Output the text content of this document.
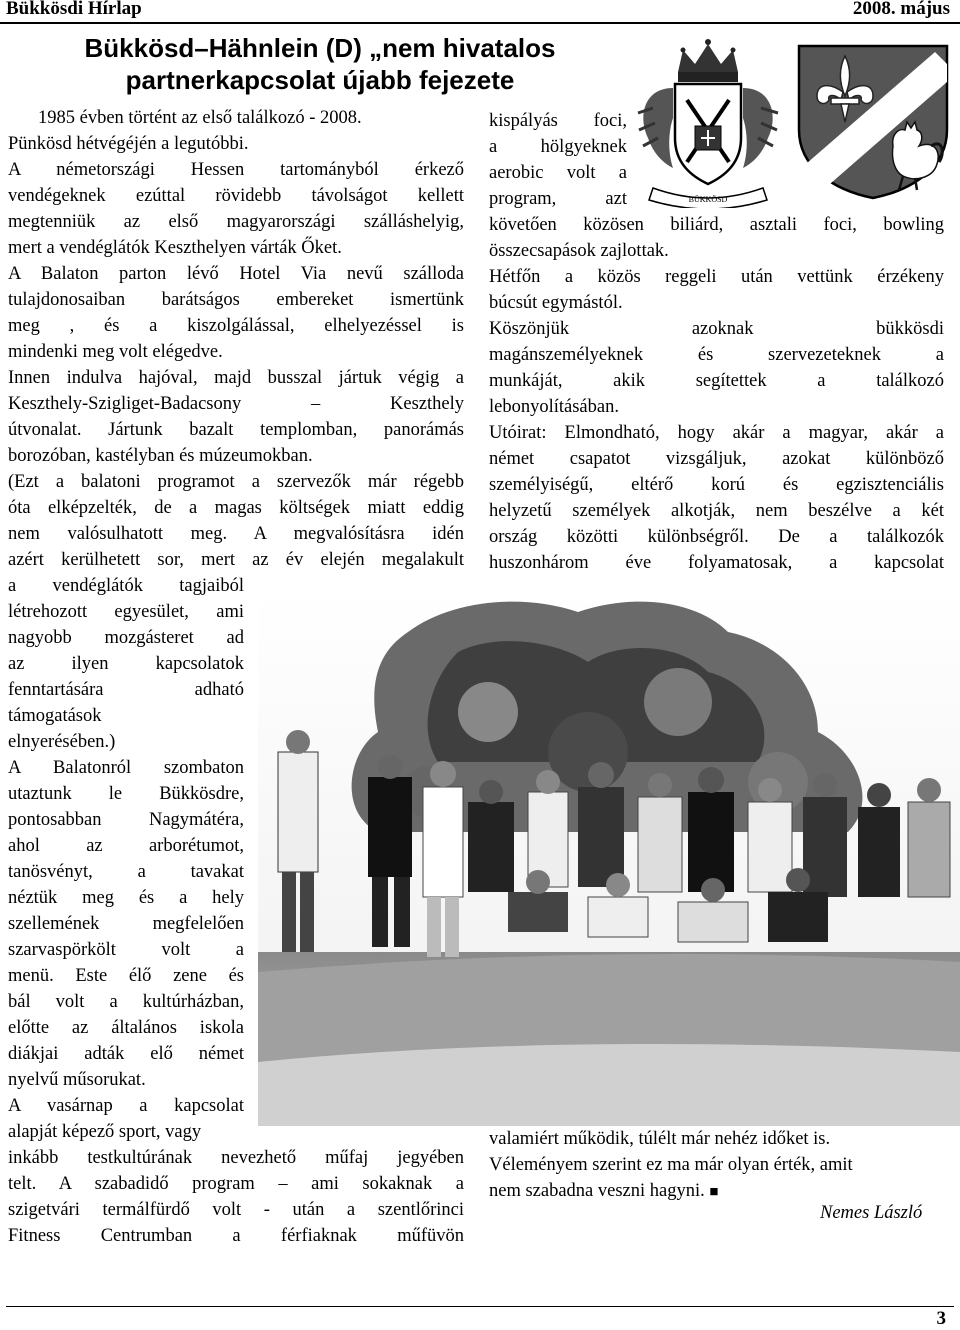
Bükkösdi Hírlap	2008. május
Bükkösd–Hähnlein (D) „nem hivatalos
partnerkapcsolat újabb fejezete
1985 évben történt az első találkozó - 2008.
Pünkösd hétvégéjén a legutóbbi.
A németországi Hessen tartományból érkező
vendégeknek ezúttal rövidebb távolságot kellett
megtenniük az első magyarországi szálláshelyig,
mert a vendéglátók Keszthelyen várták Őket.
A Balaton parton lévő Hotel Via nevű szálloda
tulajdonosaiban barátságos embereket ismertünk
meg , és a kiszolgálással, elhelyezéssel is
mindenki meg volt elégedve.
Innen indulva hajóval, majd busszal jártuk végig a
Keszthely-Szigliget-Badacsony – Keszthely
útvonalat. Jártunk bazalt templomban, panorámás
borozóban, kastélyban és múzeumokban.
(Ezt a balatoni programot a szervezők már régebb
óta elképzelték, de a magas költségek miatt eddig
nem valósulhatott meg. A megvalósításra idén
azért kerülhetett sor, mert az év elején megalakult
a vendéglátók tagjaiból
létrehozott egyesület, ami
nagyobb mozgásteret ad
az ilyen kapcsolatok
fenntartására adható
támogatások
elnyerésében.)
A Balatonról szombaton
utaztunk le Bükkösdre,
pontosabban Nagymátéra,
ahol az arborétumot,
tanösvényt, a tavakat
néztük meg és a hely
szellemének megfelelően
szarvaspörkölt volt a
menü. Este élő zene és
bál volt a kultúrházban,
előtte az általános iskola
diákjai adták elő német
nyelvű műsorukat.
A vasárnap a kapcsolat
alapját képező sport, vagy
inkább testkultúrának nevezhető műfaj jegyében
telt. A szabadidő program – ami sokaknak a
szigetvári termálfürdő volt - után a szentlőrinci
Fitness Centrumban a férfiaknak műfüvön
kispályás foci,
a hölgyeknek
aerobic volt a
program, azt
követően közösen biliárd, asztali foci, bowling
összecsapások zajlottak.
Hétfőn a közös reggeli után vettünk érzékeny
búcsút egymástól.
Köszönjük azoknak bükkösdi
magánszemélyeknek és szervezeteknek a
munkáját, akik segítettek a találkozó
lebonyolításában.
Utóirat: Elmondható, hogy akár a magyar, akár a
német csapatot vizsgáljuk, azokat különböző
személyiségű, eltérő korú és egzisztenciális
helyzetű személyek alkotják, nem beszélve a két
ország közötti különbségről. De a találkozók
huszonhárom éve folyamatosak, a kapcsolat
valamiért működik, túlélt már nehéz időket is.
Véleményem szerint ez ma már olyan érték, amit
nem szabadna veszni hagyni. ■
Nemes László
BÜKKÖSD
3
